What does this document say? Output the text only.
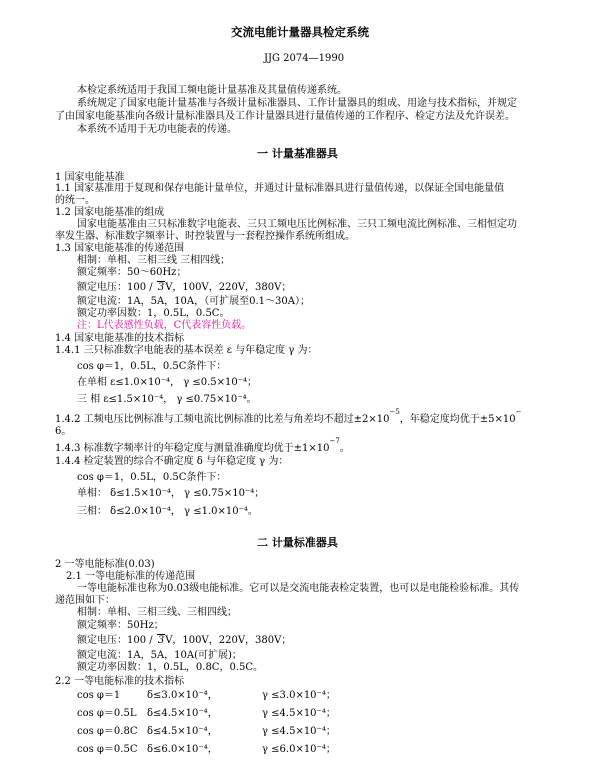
交流电能计量器具检定系统
JJG 2074—1990
本检定系统适用于我国工频电能计量基准及其量值传递系统。
系统规定了国家电能计量基准与各级计量标准器具、工作计量器具的组成、用途与技术指标，并规定
了由国家电能基准向各级计量标准器具及工作计量器具进行量值传递的工作程序、检定方法及允许误差。
本系统不适用于无功电能表的传递。
一 计量基准器具
1 国家电能基准
1.1 国家基准用于复现和保存电能计量单位，并通过计量标准器具进行量值传递，以保证全国电能量值
的统一。
1.2 国家电能基准的组成
国家电能基准由三只标准数字电能表、三只工频电压比例标准、三只工频电流比例标准、三相恒定功
率发生器、标准数字频率计、时控装置与一套程控操作系统所组成。
1.3 国家电能基准的传递范围
相制：单相、三相三线 三相四线；
额定频率：50～60Hz；
额定电压：100 / 3V，100V，220V，380V；
额定电流：1A，5A，10A，（可扩展至0.1～30A）；
额定功率因数：1，0.5L，0.5C。
注：L代表感性负载，C代表容性负载。
1.4 国家电能基准的技术指标
1.4.1 三只标准数字电能表的基本误差 ε 与年稳定度 γ 为：
cos φ＝1，0.5L，0.5C条件下：
在单相 ε≤1.0×10⁻⁴， γ ≤0.5×10⁻⁴；
三 相 ε≤1.5×10⁻⁴， γ ≤0.75×10⁻⁴。
1.4.2 工频电压比例标准与工频电流比例标准的比差与角差均不超过$\pm 2\times 10^{-5}$，年稳定度均优于±5×10−
6。
1.4.3 标准数字频率计的年稳定度与测量准确度均优于$\pm 1\times 10^{-7}$。
1.4.4 检定装置的综合不确定度 δ 与年稳定度 γ 为：
cos φ＝1，0.5L，0.5C条件下：
单相： δ≤1.5×10⁻⁴， γ ≤0.75×10⁻⁴；
三相： δ≤2.0×10⁻⁴， γ ≤1.0×10⁻⁴。
二 计量标准器具
2 一等电能标准(0.03)
2.1 一等电能标准的传递范围
一等电能标准也称为0.03级电能标准。它可以是交流电能表检定装置，也可以是电能检验标准。其传
递范围如下：
相制：单相、三相三线、三相四线；
额定频率：50Hz；
额定电压：100 / 3V，100V，220V，380V；
额定电流：1A，5A，10A(可扩展)；
额定功率因数：1，0.5L，0.8C，0.5C。
2.2 一等电能标准的技术指标
cos φ＝1	δ≤3.0×10⁻⁴，	γ ≤3.0×10⁻⁴；
cos φ＝0.5L δ≤4.5×10⁻⁴，	γ ≤4.5×10⁻⁴；
cos φ＝0.8C δ≤4.5×10⁻⁴，	γ ≤4.5×10⁻⁴；
cos φ＝0.5C δ≤6.0×10⁻⁴，	γ ≤6.0×10⁻⁴；
